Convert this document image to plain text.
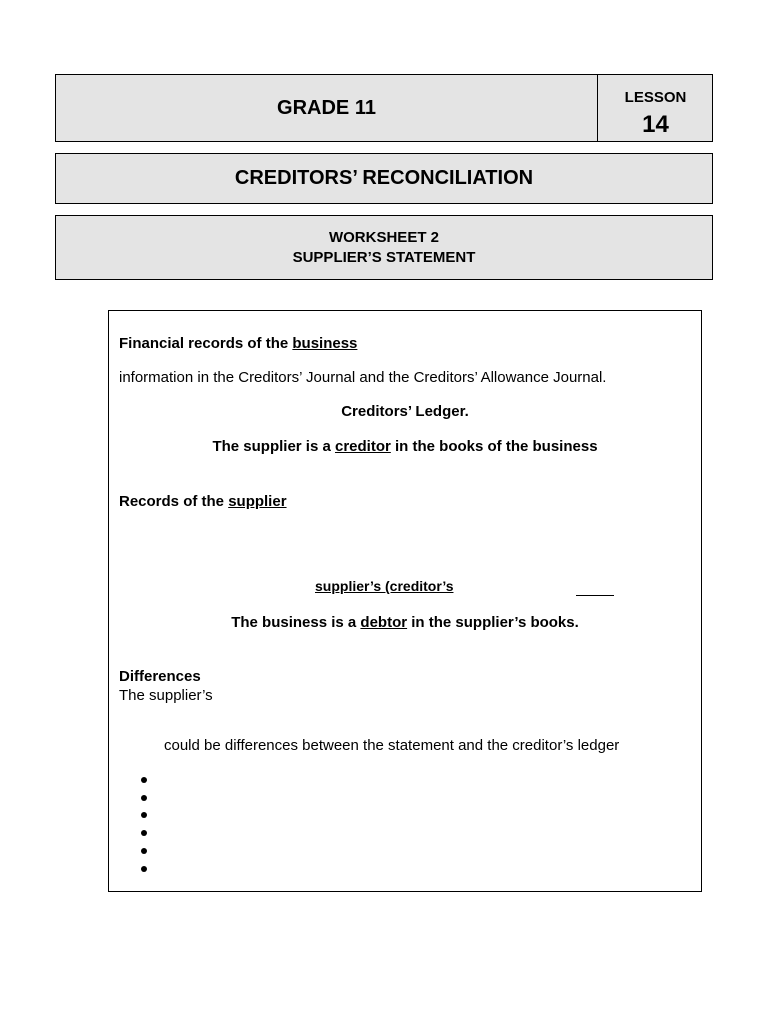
GRADE 11	LESSON
14
CREDITORS’ RECONCILIATION
WORKSHEET 2
SUPPLIER’S STATEMENT
Financial records of the business
information in the Creditors’ Journal and the Creditors’ Allowance Journal.
Creditors’ Ledger.
The supplier is a creditor in the books of the business
Records of the supplier
supplier’s (creditor’s
The business is a debtor in the supplier’s books.
Differences
The supplier’s
could be differences between the statement and the creditor’s ledger
